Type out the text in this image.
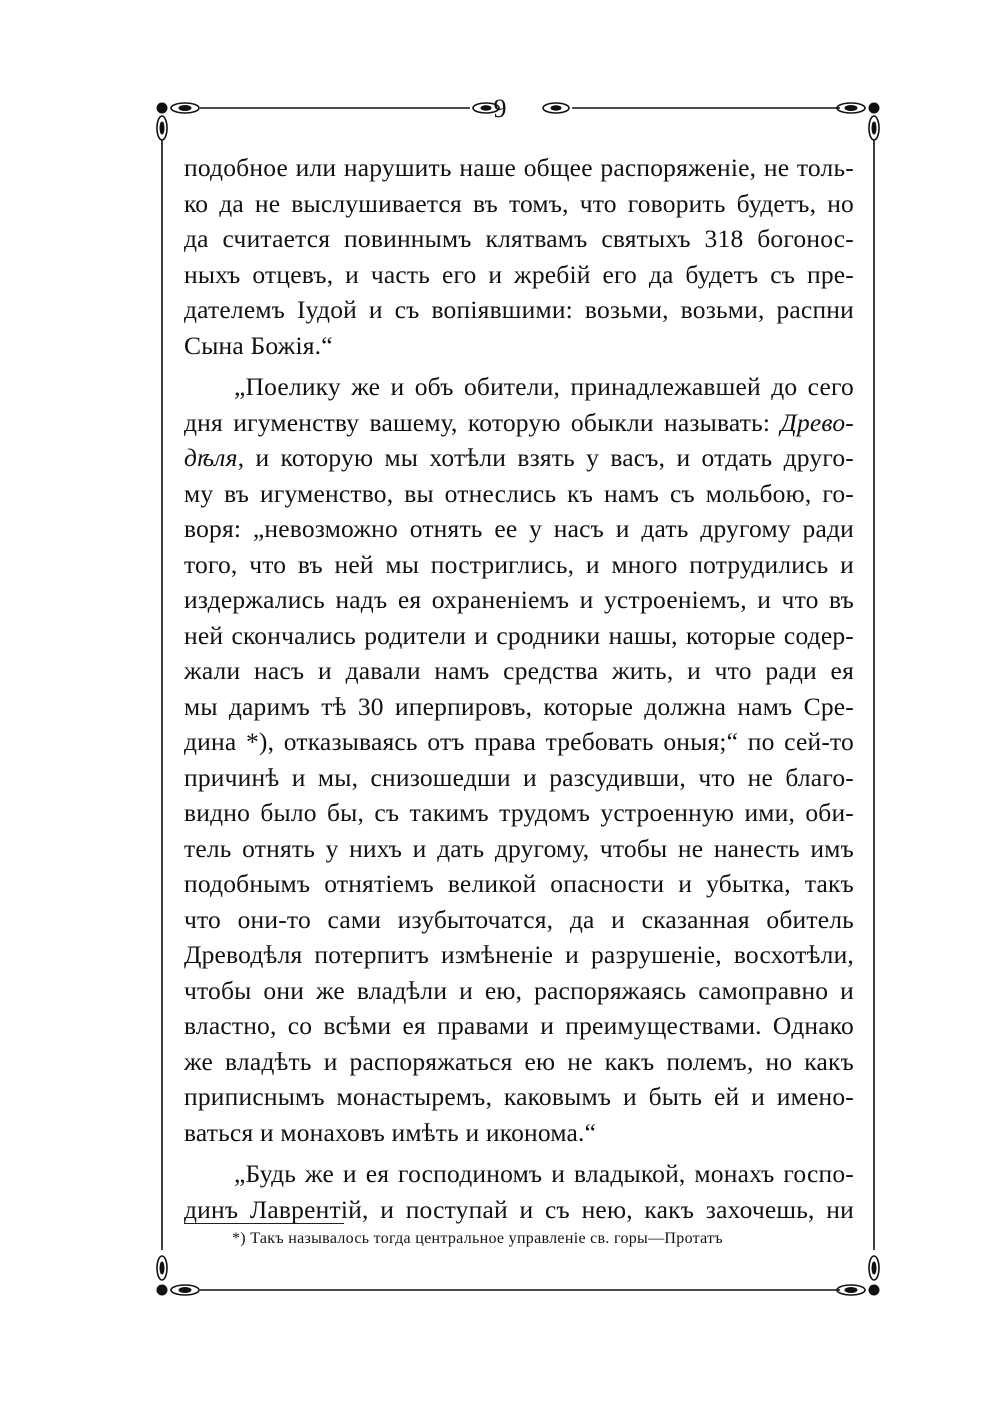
9
подобное или нарушить наше общее распоряженіе, не толь-
ко да не выслушивается въ томъ, что говорить будетъ, но
да считается повиннымъ клятвамъ святыхъ 318 богонос-
ныхъ отцевъ, и часть его и жребій его да будетъ съ пре-
дателемъ Іудой и съ вопіявшими: возьми, возьми, распни
Сына Божія.“
„Поелику же и объ обители, принадлежавшей до сего
дня игуменству вашему, которую обыкли называть: Древо-
дѣля, и которую мы хотѣли взять у васъ, и отдать друго-
му въ игуменство, вы отнеслись къ намъ съ мольбою, го-
воря: „невозможно отнять ее у насъ и дать другому ради
того, что въ ней мы постриглись, и много потрудились и
издержались надъ ея охраненіемъ и устроеніемъ, и что въ
ней скончались родители и сродники нашы, которые содер-
жали насъ и давали намъ средства жить, и что ради ея
мы даримъ тѣ 30 иперпировъ, которые должна намъ Сре-
дина *), отказываясь отъ права требовать оныя;“ по сей-то
причинѣ и мы, снизошедши и разсудивши, что не благо-
видно было бы, съ такимъ трудомъ устроенную ими, оби-
тель отнять у нихъ и дать другому, чтобы не нанесть имъ
подобнымъ отнятіемъ великой опасности и убытка, такъ
что они-то сами изубыточатся, да и сказанная обитель
Древодѣля потерпитъ измѣненіе и разрушеніе, восхотѣли,
чтобы они же владѣли и ею, распоряжаясь самоправно и
властно, со всѣми ея правами и преимуществами. Однако
же владѣть и распоряжаться ею не какъ полемъ, но какъ
приписнымъ монастыремъ, каковымъ и быть ей и имено-
ваться и монаховъ имѣть и иконома.“
„Будь же и ея господиномъ и владыкой, монахъ госпо-
динъ Лаврентій, и поступай и съ нею, какъ захочешь, ни
*) Такъ называлось тогда центральное управленіе св. горы—Протатъ
